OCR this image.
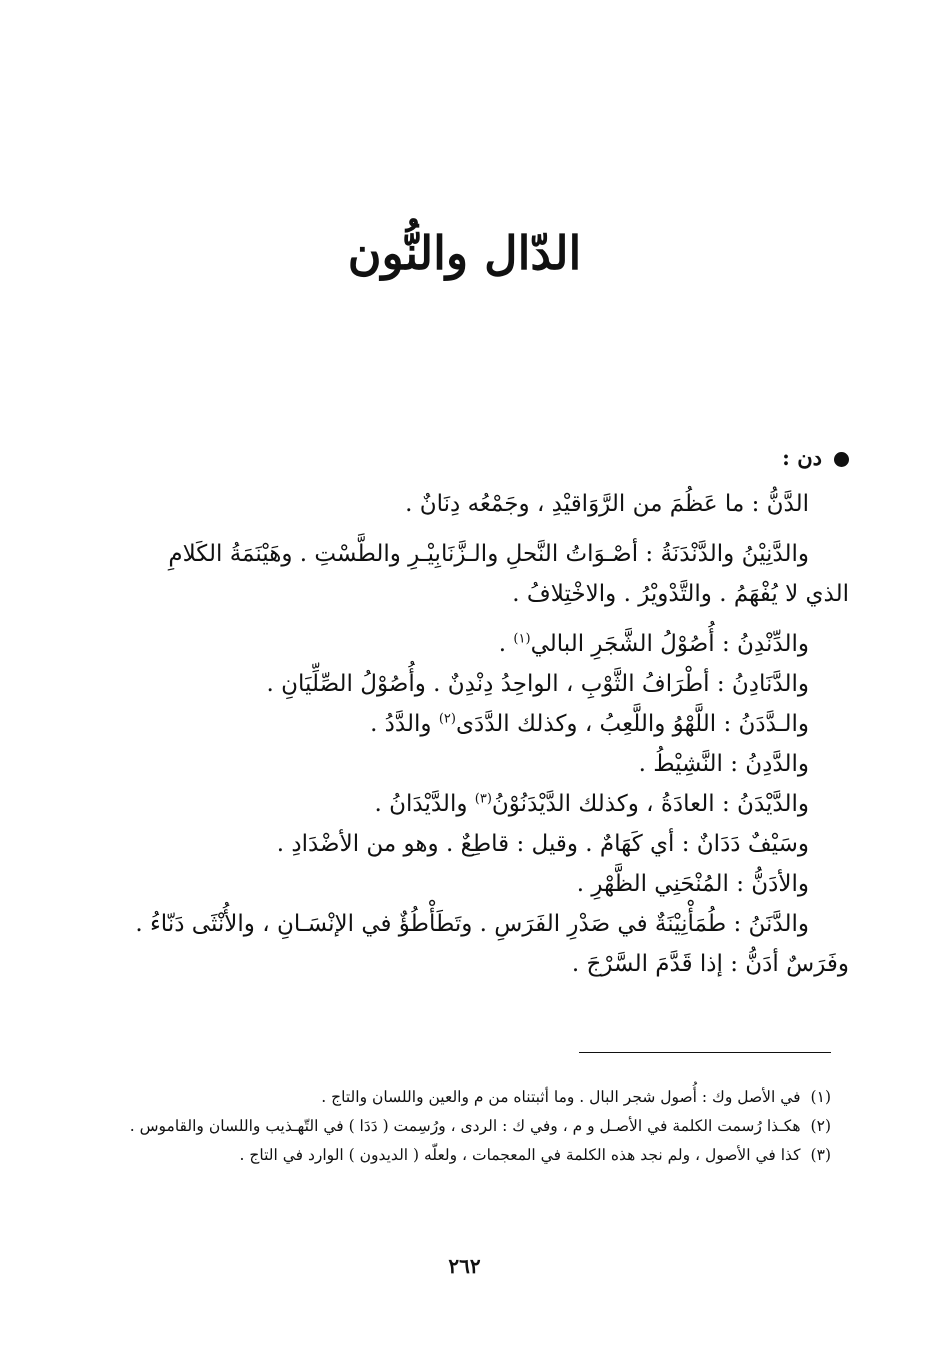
الدّال والنُّون

دن :

الدَّنُّ : ما عَظُمَ من الرَّوَاقيْدِ ، وجَمْعُه دِنَانٌ .

والدَّنِيْنُ والدَّنْدَنَةُ : أصْـوَاتُ النَّحلِ والـزَّنَابِيْـرِ والطَّسْتِ . وهَيْنَمَةُ الكَلامِ

الذي لا يُفْهَمُ . والتَّدْويْرُ . والاخْتِلافُ .

والدِّنْدِنُ : أُصُوْلُ الشَّجَرِ البالي$^{(١)}$ .

والدَّنَادِنُ : أطْرَافُ الثَّوْبِ ، الواحِدُ دِنْدِنٌ . وأُصُوْلُ الصِّلِّيَانِ .

والـدَّدَنُ : اللَّهْوُ واللَّعِبُ ، وكذلك الدَّدَى$^{(٢)}$ والدَّدُ .

والدَّدِنُ : النَّشِيْطُ .

والدَّيْدَنُ : العادَةُ ، وكذلك الدَّيْدَنُوْنُ$^{(٣)}$ والدَّيْدَانُ .

وسَيْفٌ دَدَانٌ : أي كَهَامٌ . وقيل : قاطِعٌ . وهو من الأضْدَادِ .

والأدَنُّ : المُنْحَنِي الظَّهْرِ .

والدَّنَنُ : طُمَأْنِيْنَةٌ في صَدْرِ الفَرَسِ . وتَطَأْطُؤٌ في الإنْسَـانِ ، والأُنْثَى دَنّاءُ .

وفَرَسٌ أدَنُّ : إذا قَدَّمَ السَّرْجَ .

(١)في الأصل وك : أُصول شجر البال . وما أثبتناه من م والعين واللسان والتاج .

(٢)هكـذا رُسمت الكلمة في الأصـل و م ، وفي ك : الردى ، ورُسِمت ( دَدَا ) في التّهـذيب واللسان والقاموس .

(٣)كذا في الأصول ، ولم نجد هذه الكلمة في المعجمات ، ولعلّه ( الديدون ) الوارد في التاج .

٢٦٢
